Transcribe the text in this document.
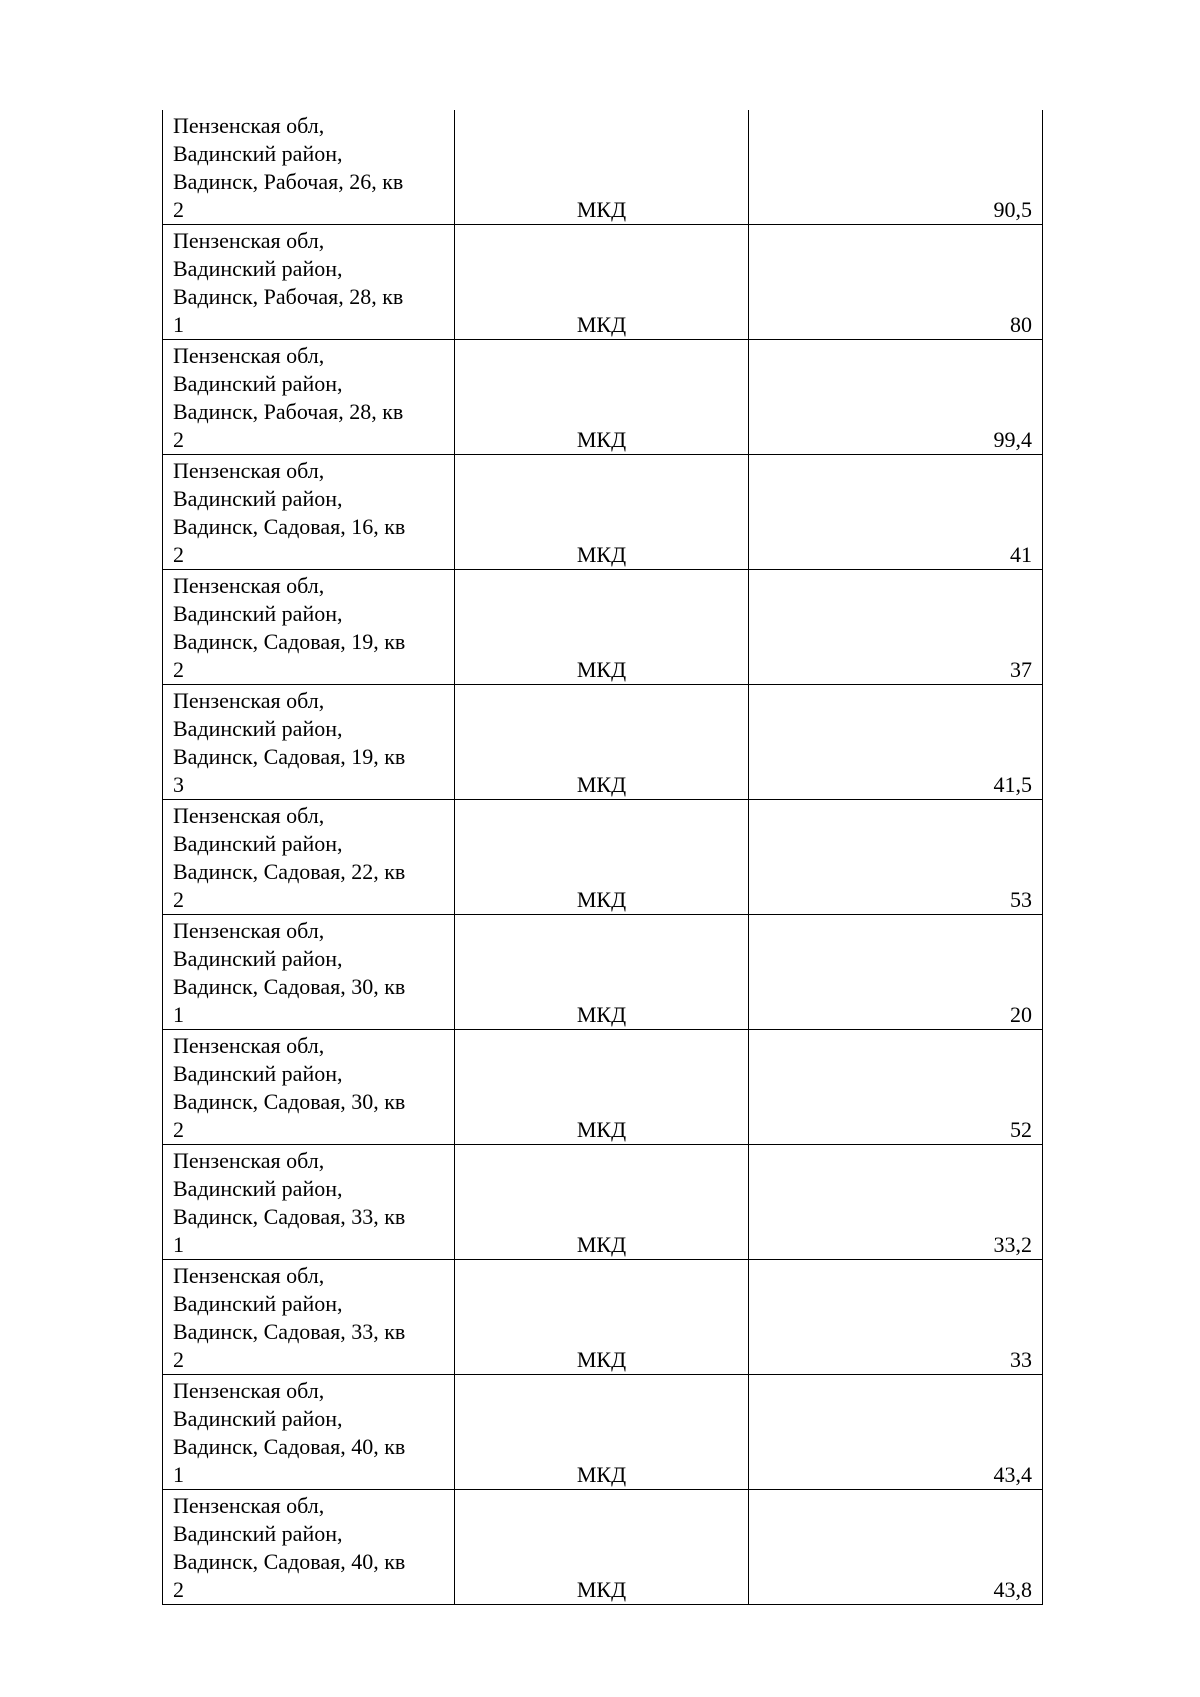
Пензенская обл,
Вадинский район,
Вадинск, Рабочая, 26, кв
2	МКД	90,5
Пензенская обл,
Вадинский район,
Вадинск, Рабочая, 28, кв
1	МКД	80
Пензенская обл,
Вадинский район,
Вадинск, Рабочая, 28, кв
2	МКД	99,4
Пензенская обл,
Вадинский район,
Вадинск, Садовая, 16, кв
2	МКД	41
Пензенская обл,
Вадинский район,
Вадинск, Садовая, 19, кв
2	МКД	37
Пензенская обл,
Вадинский район,
Вадинск, Садовая, 19, кв
3	МКД	41,5
Пензенская обл,
Вадинский район,
Вадинск, Садовая, 22, кв
2	МКД	53
Пензенская обл,
Вадинский район,
Вадинск, Садовая, 30, кв
1	МКД	20
Пензенская обл,
Вадинский район,
Вадинск, Садовая, 30, кв
2	МКД	52
Пензенская обл,
Вадинский район,
Вадинск, Садовая, 33, кв
1	МКД	33,2
Пензенская обл,
Вадинский район,
Вадинск, Садовая, 33, кв
2	МКД	33
Пензенская обл,
Вадинский район,
Вадинск, Садовая, 40, кв
1	МКД	43,4
Пензенская обл,
Вадинский район,
Вадинск, Садовая, 40, кв
2	МКД	43,8
